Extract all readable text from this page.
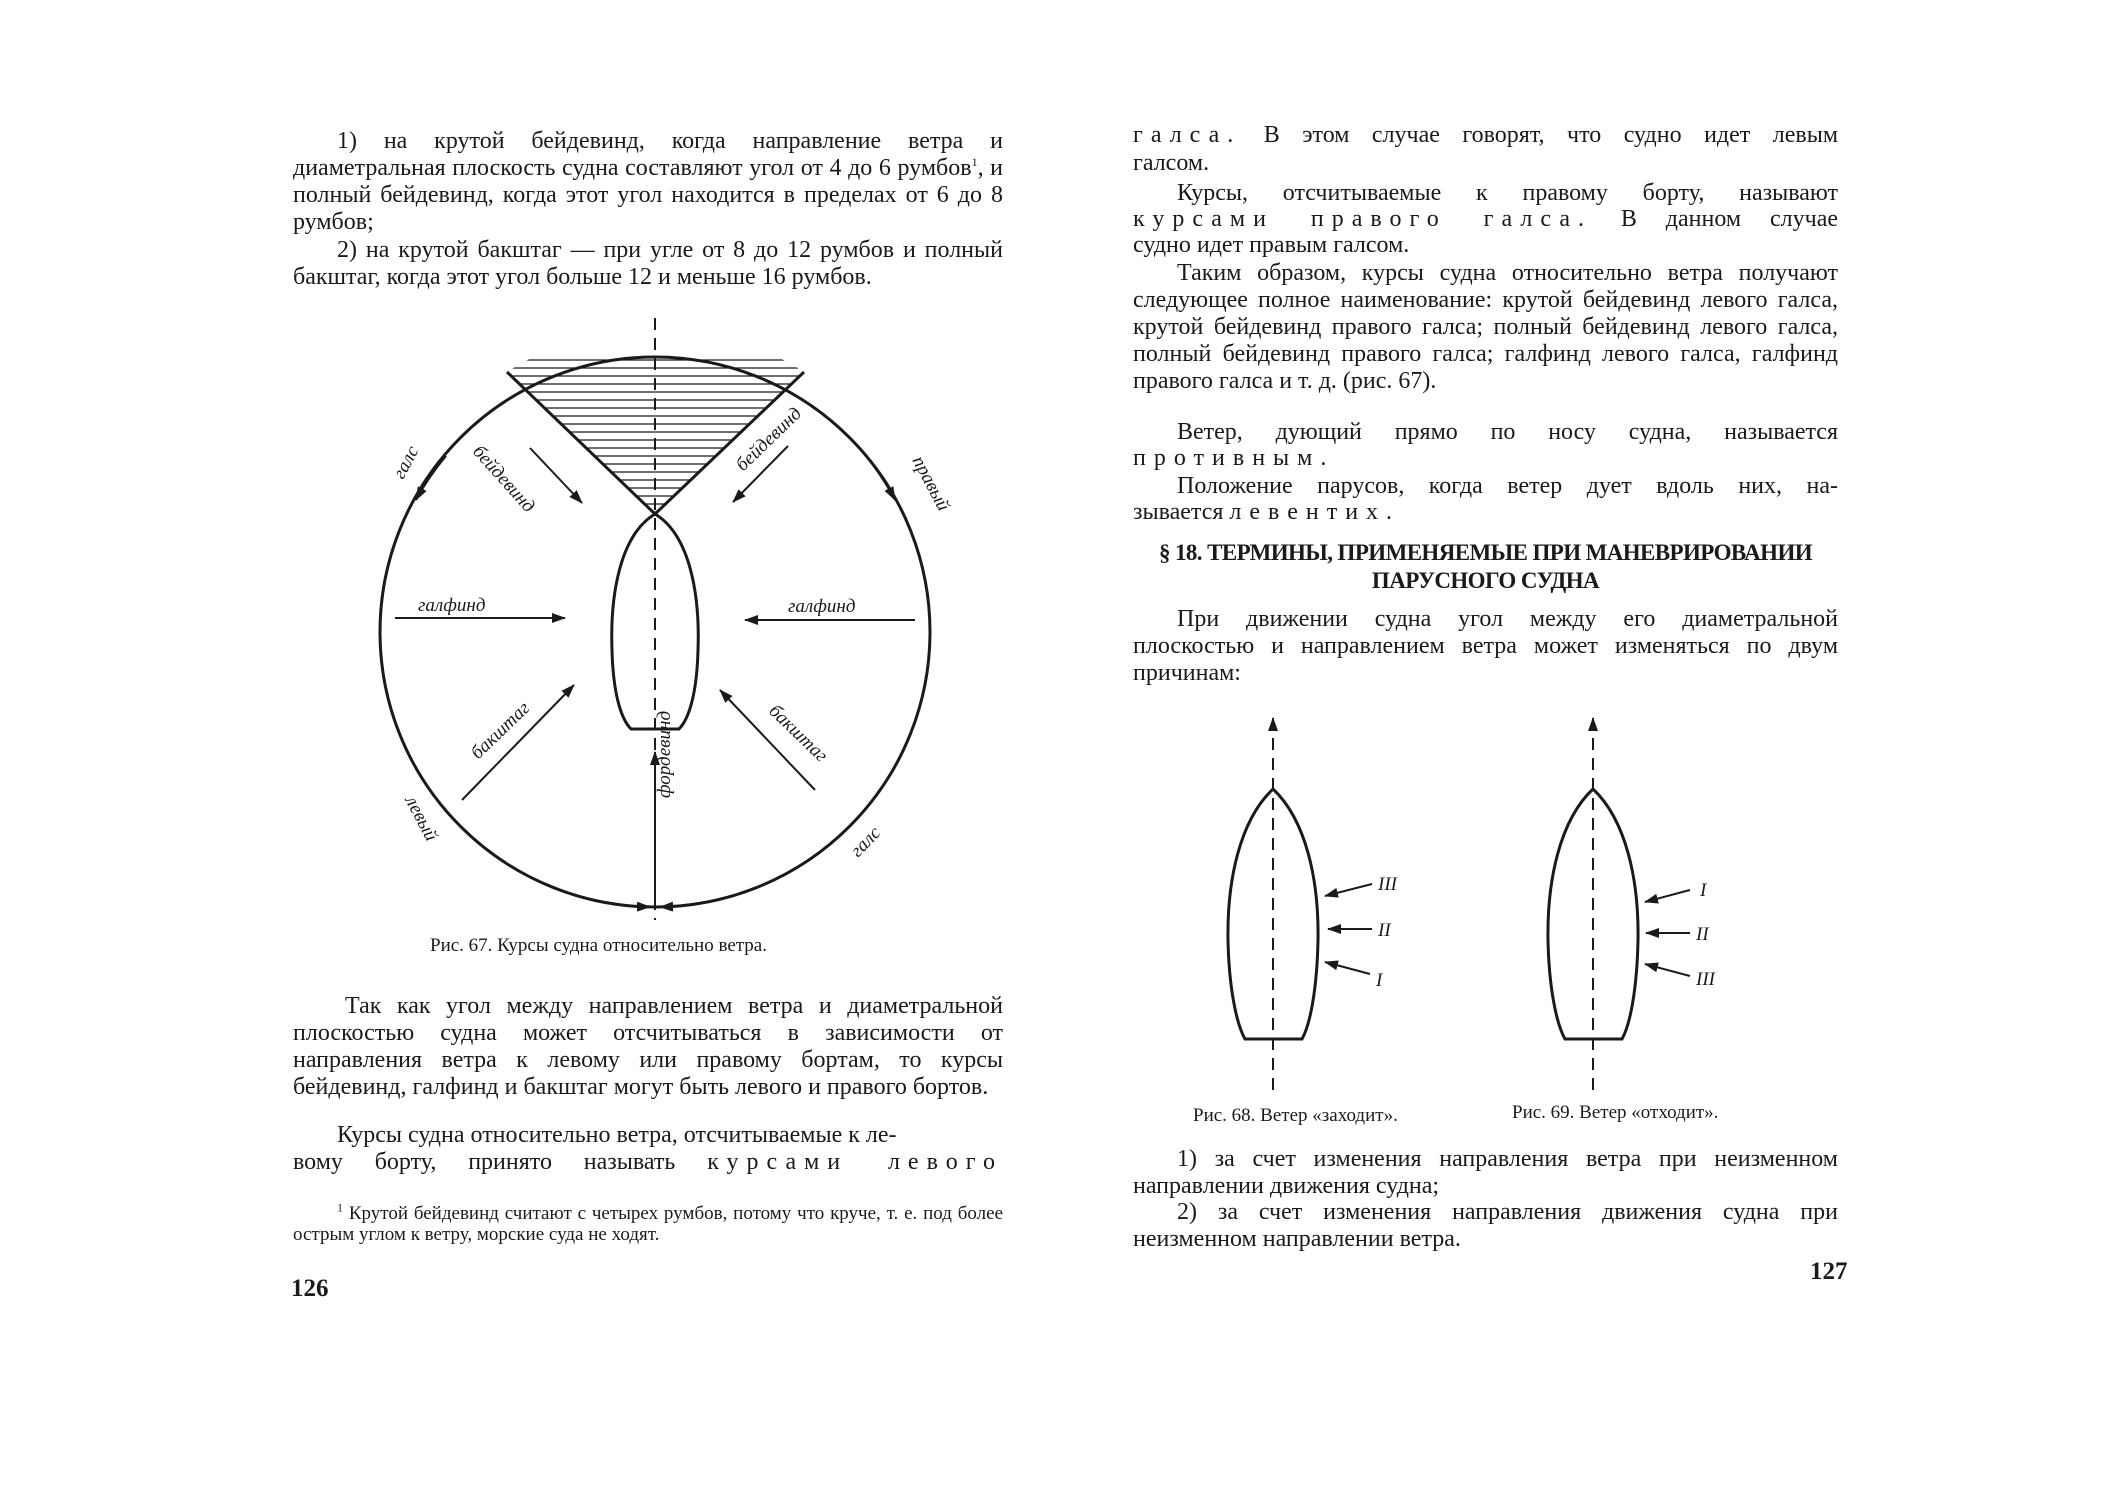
1) на крутой бейдевинд, когда направление ветра и диаметральная плоскость судна составляют угол от 4 до 6 румбов$^1$, и полный бейдевинд, когда этот угол находится в пределах от 6 до 8 румбов;

2) на крутой бакштаг — при угле от 8 до 12 румбов и полный бакштаг, когда этот угол больше 12 и меньше 16 румбов.

бейдевинд
бейдевинд
галфинд	галфинд
бакштаг	бакштаг
фордевинд
галс	правый
левый	галс
Рис. 67. Курсы судна относительно ветра.

Так как угол между направлением ветра и диаметральной плоскостью судна может отсчитываться в зависимости от направления ветра к левому или правому бортам, то курсы бейдевинд, галфинд и бакштаг могут быть левого и правого бортов.

Курсы судна относительно ветра, отсчитываемые к ле-

вому борту, принято называть курсами левого

$^1$ Крутой бейдевинд считают с четырех румбов, потому что круче, т. е. под более острым углом к ветру, морские суда не ходят.

126

галса. В этом случае говорят, что судно идет левым

галсом.

Курсы, отсчитываемые к правому борту, называют

курсами правого галса. В данном случае

судно идет правым галсом.

Таким образом, курсы судна относительно ветра получают следующее полное наименование: крутой бейдевинд левого галса, крутой бейдевинд правого галса; полный бейдевинд левого галса, полный бейдевинд правого галса; галфинд левого галса, галфинд правого галса и т. д. (рис. 67).

Ветер, дующий прямо по носу судна, называется

противным.

Положение парусов, когда ветер дует вдоль них, на-

зывается левентих.

§ 18. ТЕРМИНЫ, ПРИМЕНЯЕМЫЕ ПРИ МАНЕВРИРОВАНИИ
ПАРУСНОГО СУДНА

При движении судна угол между его диаметральной плоскостью и направлением ветра может изменяться по двум причинам:

III
II
I
I
II
III
Рис. 68. Ветер «заходит».	Рис. 69. Ветер «отходит».

1) за счет изменения направления ветра при неизменном направлении движения судна;

2) за счет изменения направления движения судна при неизменном направлении ветра.

127
